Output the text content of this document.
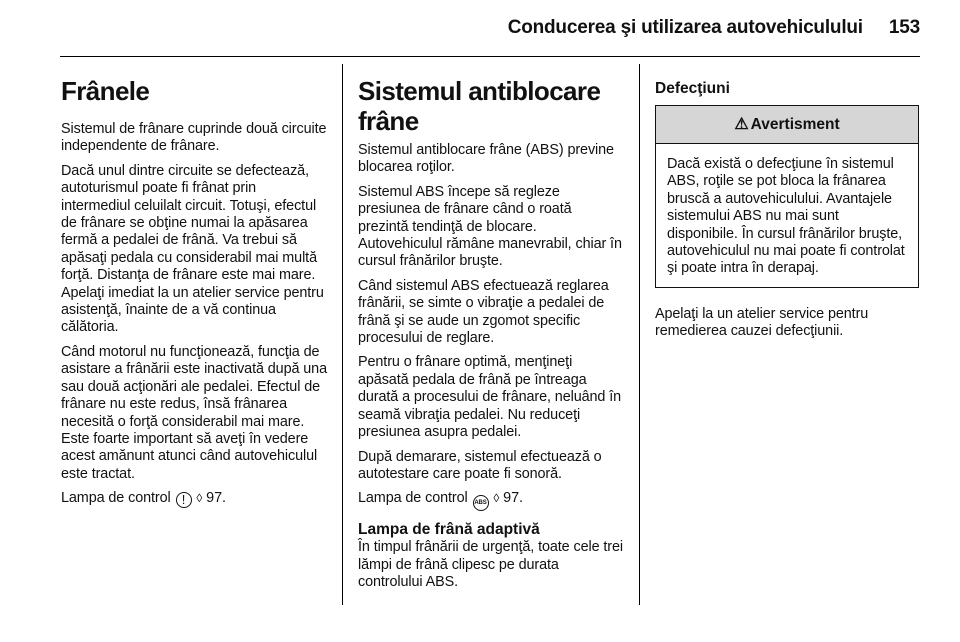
Conducerea şi utilizarea autovehiculului 153
Frânele

Sistemul de frânare cuprinde două circuite independente de frânare.

Dacă unul dintre circuite se defectează, autoturismul poate fi frânat prin intermediul celuilalt circuit. Totuşi, efectul de frânare se obţine numai la apăsarea fermă a pedalei de frână. Va trebui să apăsaţi pedala cu considerabil mai multă forţă. Distanţa de frânare este mai mare. Apelaţi imediat la un atelier service pentru asistenţă, înainte de a vă continua călătoria.

Când motorul nu funcţionează, funcţia de asistare a frânării este inactivată după una sau două acţionări ale pedalei. Efectul de frânare nu este redus, însă frânarea necesită o forţă considerabil mai mare. Este foarte important să aveţi în vedere acest amănunt atunci când autovehiculul este tractat.

Lampa de control ! ◊ 97.

Sistemul antiblocare frâne

Sistemul antiblocare frâne (ABS) previne blocarea roţilor.

Sistemul ABS începe să regleze presiunea de frânare când o roată prezintă tendinţă de blocare. Autovehiculul rămâne manevrabil, chiar în cursul frânărilor bruşte.

Când sistemul ABS efectuează reglarea frânării, se simte o vibraţie a pedalei de frână şi se aude un zgomot specific procesului de reglare.

Pentru o frânare optimă, menţineţi apăsată pedala de frână pe întreaga durată a procesului de frânare, neluând în seamă vibraţia pedalei. Nu reduceţi presiunea asupra pedalei.

După demarare, sistemul efectuează o autotestare care poate fi sonoră.

Lampa de control ABS ◊ 97.

Lampa de frână adaptivă

În timpul frânării de urgenţă, toate cele trei lămpi de frână clipesc pe durata controlului ABS.

Defecţiuni
⚠ Avertisment

Dacă există o defecţiune în sistemul ABS, roţile se pot bloca la frânarea bruscă a autovehiculului. Avantajele sistemului ABS nu mai sunt disponibile. În cursul frânărilor bruşte, autovehiculul nu mai poate fi controlat şi poate intra în derapaj.

Apelaţi la un atelier service pentru remedierea cauzei defecţiunii.
